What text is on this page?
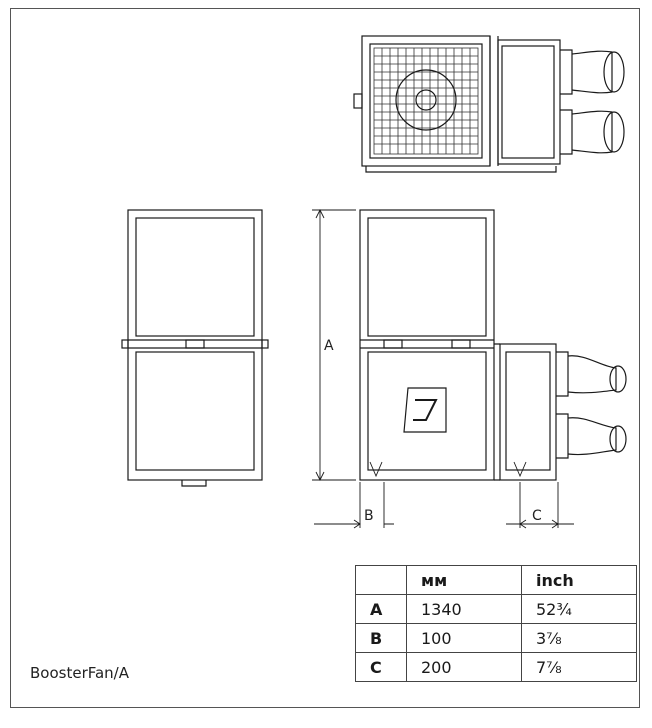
A
B	C
BoosterFan/A
	мм	inch
A	1340	52¾
B	100	3⅞
C	200	7⅞
